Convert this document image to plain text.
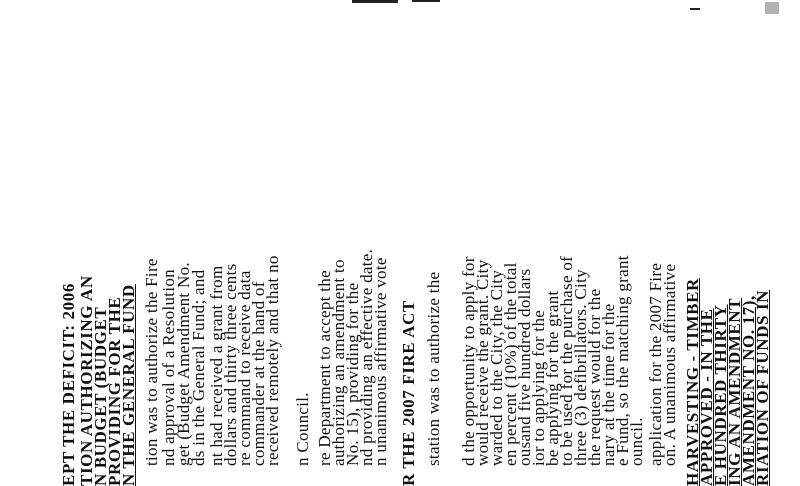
EPT THE DEFICIT: 2006 TION AUTHORIZING AN
N BUDGET (BUDGET
PROVIDING FOR THE
N THE GENERAL FUND tion was to authorize the Fire
nd approval of a Resolution
get (Budget Amendment No.
ds in the General Fund; and nt had received a grant from
dollars and thirty three cents
re command to receive data
commander at the hand of
received remotely and that no n Council. re Department to accept the
authorizing an amendment to
No. 15), providing for the
nd providing an effective date.
n unanimous affirmative vote R THE 2007 FIRE ACT station was to authorize the d the opportunity to apply for
would receive the grant. City
warded to the City, the City
en percent (10%) of the total
ousand five hundred dollars
ior to applying for the
be applying for the grant
to be used for the purchase of
three (3) defibrillators. City
the request would for the
nary at the time for the
e Fund, so the matching grant
ouncil. application for the 2007 Fire
on. A unanimous affirmative HARVESTING - TIMBER
APPROVED - IN THE
E HUNDRED THIRTY
ING AN AMENDMENT
AMENDMENT NO. 17),
RIATION OF FUNDS IN
